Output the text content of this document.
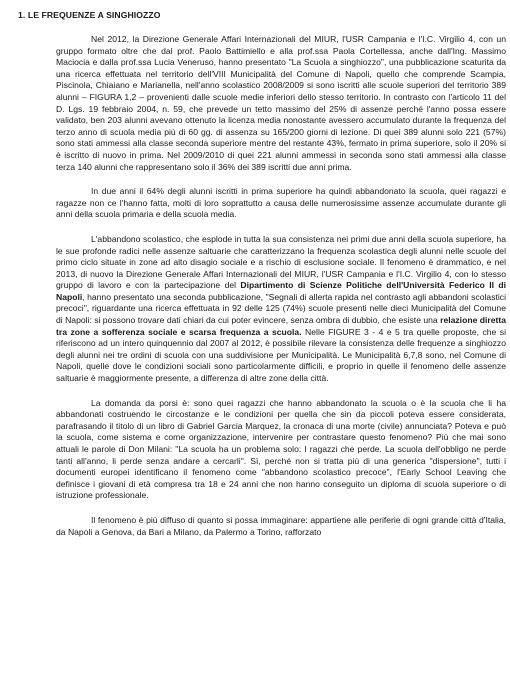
1. LE FREQUENZE A SINGHIOZZO

Nel 2012, la Direzione Generale Affari Internazionali del MIUR, l'USR Campania e l'I.C. Virgilio 4, con un gruppo formato oltre che dal prof. Paolo Battimiello e alla prof.ssa Paola Cortellessa, anche dall'Ing. Massimo Maciocia e dalla prof.ssa Lucia Veneruso, hanno presentato "La Scuola a singhiozzo", una pubblicazione scaturita da una ricerca effettuata nel territorio dell'VIII Municipalità del Comune di Napoli, quello che comprende Scampia, Piscinola, Chiaiano e Marianella, nell'anno scolastico 2008/2009 si sono iscritti alle scuole superiori del territorio 389 alunni – FIGURA 1,2 – provenienti dalle scuole medie inferiori dello stesso territorio. In contrasto con l'articolo 11 del D. Lgs. 19 febbraio 2004, n. 59, che prevede un tetto massimo del 25% di assenze perché l'anno possa essere validato, ben 203 alunni avevano ottenuto la licenza media nonostante avessero accumulato durante la frequenza del terzo anno di scuola media più di 60 gg. di assenza su 165/200 giorni di lezione. Di quei 389 alunni solo 221 (57%) sono stati ammessi alla classe seconda superiore mentre del restante 43%, fermato in prima superiore, solo il 20% si è iscritto di nuovo in prima. Nel 2009/2010 di quei 221 alunni ammessi in seconda sono stati ammessi alla classe terza 140 alunni che rappresentano solo il 36% dei 389 iscritti due anni prima.

In due anni il 64% degli alunni iscritti in prima superiore ha quindi abbandonato la scuola, quei ragazzi e ragazze non ce l'hanno fatta, molti di loro soprattutto a causa delle numerosissime assenze accumulate durante gli anni della scuola primaria e della scuola media.

L'abbandono scolastico, che esplode in tutta la sua consistenza nei primi due anni della scuola superiore, ha le sue profonde radici nelle assenze saltuarie che caratterizzano la frequenza scolastica degli alunni nelle scuole del primo ciclo situate in zone ad alto disagio sociale e a rischio di esclusione sociale. Il fenomeno è drammatico, e nel 2013, di nuovo la Direzione Generale Affari Internazionali del MIUR, l'USR Campania e l'I.C. Virgilio 4, con lo stesso gruppo di lavoro e con la partecipazione del Dipartimento di Scienze Politiche dell'Università Federico II di Napoli, hanno presentato una seconda pubblicazione, "Segnali di allerta rapida nel contrasto agli abbandoni scolastici precoci", riguardante una ricerca effettuata in 92 delle 125 (74%) scuole presenti nelle dieci Municipalità del Comune di Napoli: si possono trovare dati chiari da cui poter evincere, senza ombra di dubbio, che esiste una relazione diretta tra zone a sofferenza sociale e scarsa frequenza a scuola. Nelle FIGURE 3 - 4 e 5 tra quelle proposte, che si riferiscono ad un intero quinquennio dal 2007 al 2012, è possibile rilevare la consistenza delle frequenze a singhiozzo degli alunni nei tre ordini di scuola con una suddivisione per Municipalità. Le Municipalità 6,7,8 sono, nel Comune di Napoli, quelle dove le condizioni sociali sono particolarmente difficili, e proprio in quelle il fenomeno delle assenze saltuarie è maggiormente presente, a differenza di altre zone della città.

La domanda da porsi è: sono quei ragazzi che hanno abbandonato la scuola o è la scuola che li ha abbandonati costruendo le circostanze e le condizioni per quella che sin da piccoli poteva essere considerata, parafrasando il titolo di un libro di Gabriel Garcia Marquez, la cronaca di una morte (civile) annunciata? Poteva e può la scuola, come sistema e come organizzazione, intervenire per contrastare questo fenomeno? Più che mai sono attuali le parole di Don Milani: "La scuola ha un problema solo: I ragazzi che perde. La scuola dell'obbligo ne perde tanti all'anno, li perde senza andare a cercarli". Sì, perché non si tratta più di una generica "dispersione", tutti i documenti europei identificano il fenomeno come "abbandono scolastico precoce", l'Early School Leaving che definisce i giovani di età compresa tra 18 e 24 anni che non hanno conseguito un diploma di scuola superiore o di istruzione professionale.

Il fenomeno è più diffuso di quanto si possa immaginare: appartiene alle periferie di ogni grande città d'Italia, da Napoli a Genova, da Bari a Milano, da Palermo a Torino, rafforzato
